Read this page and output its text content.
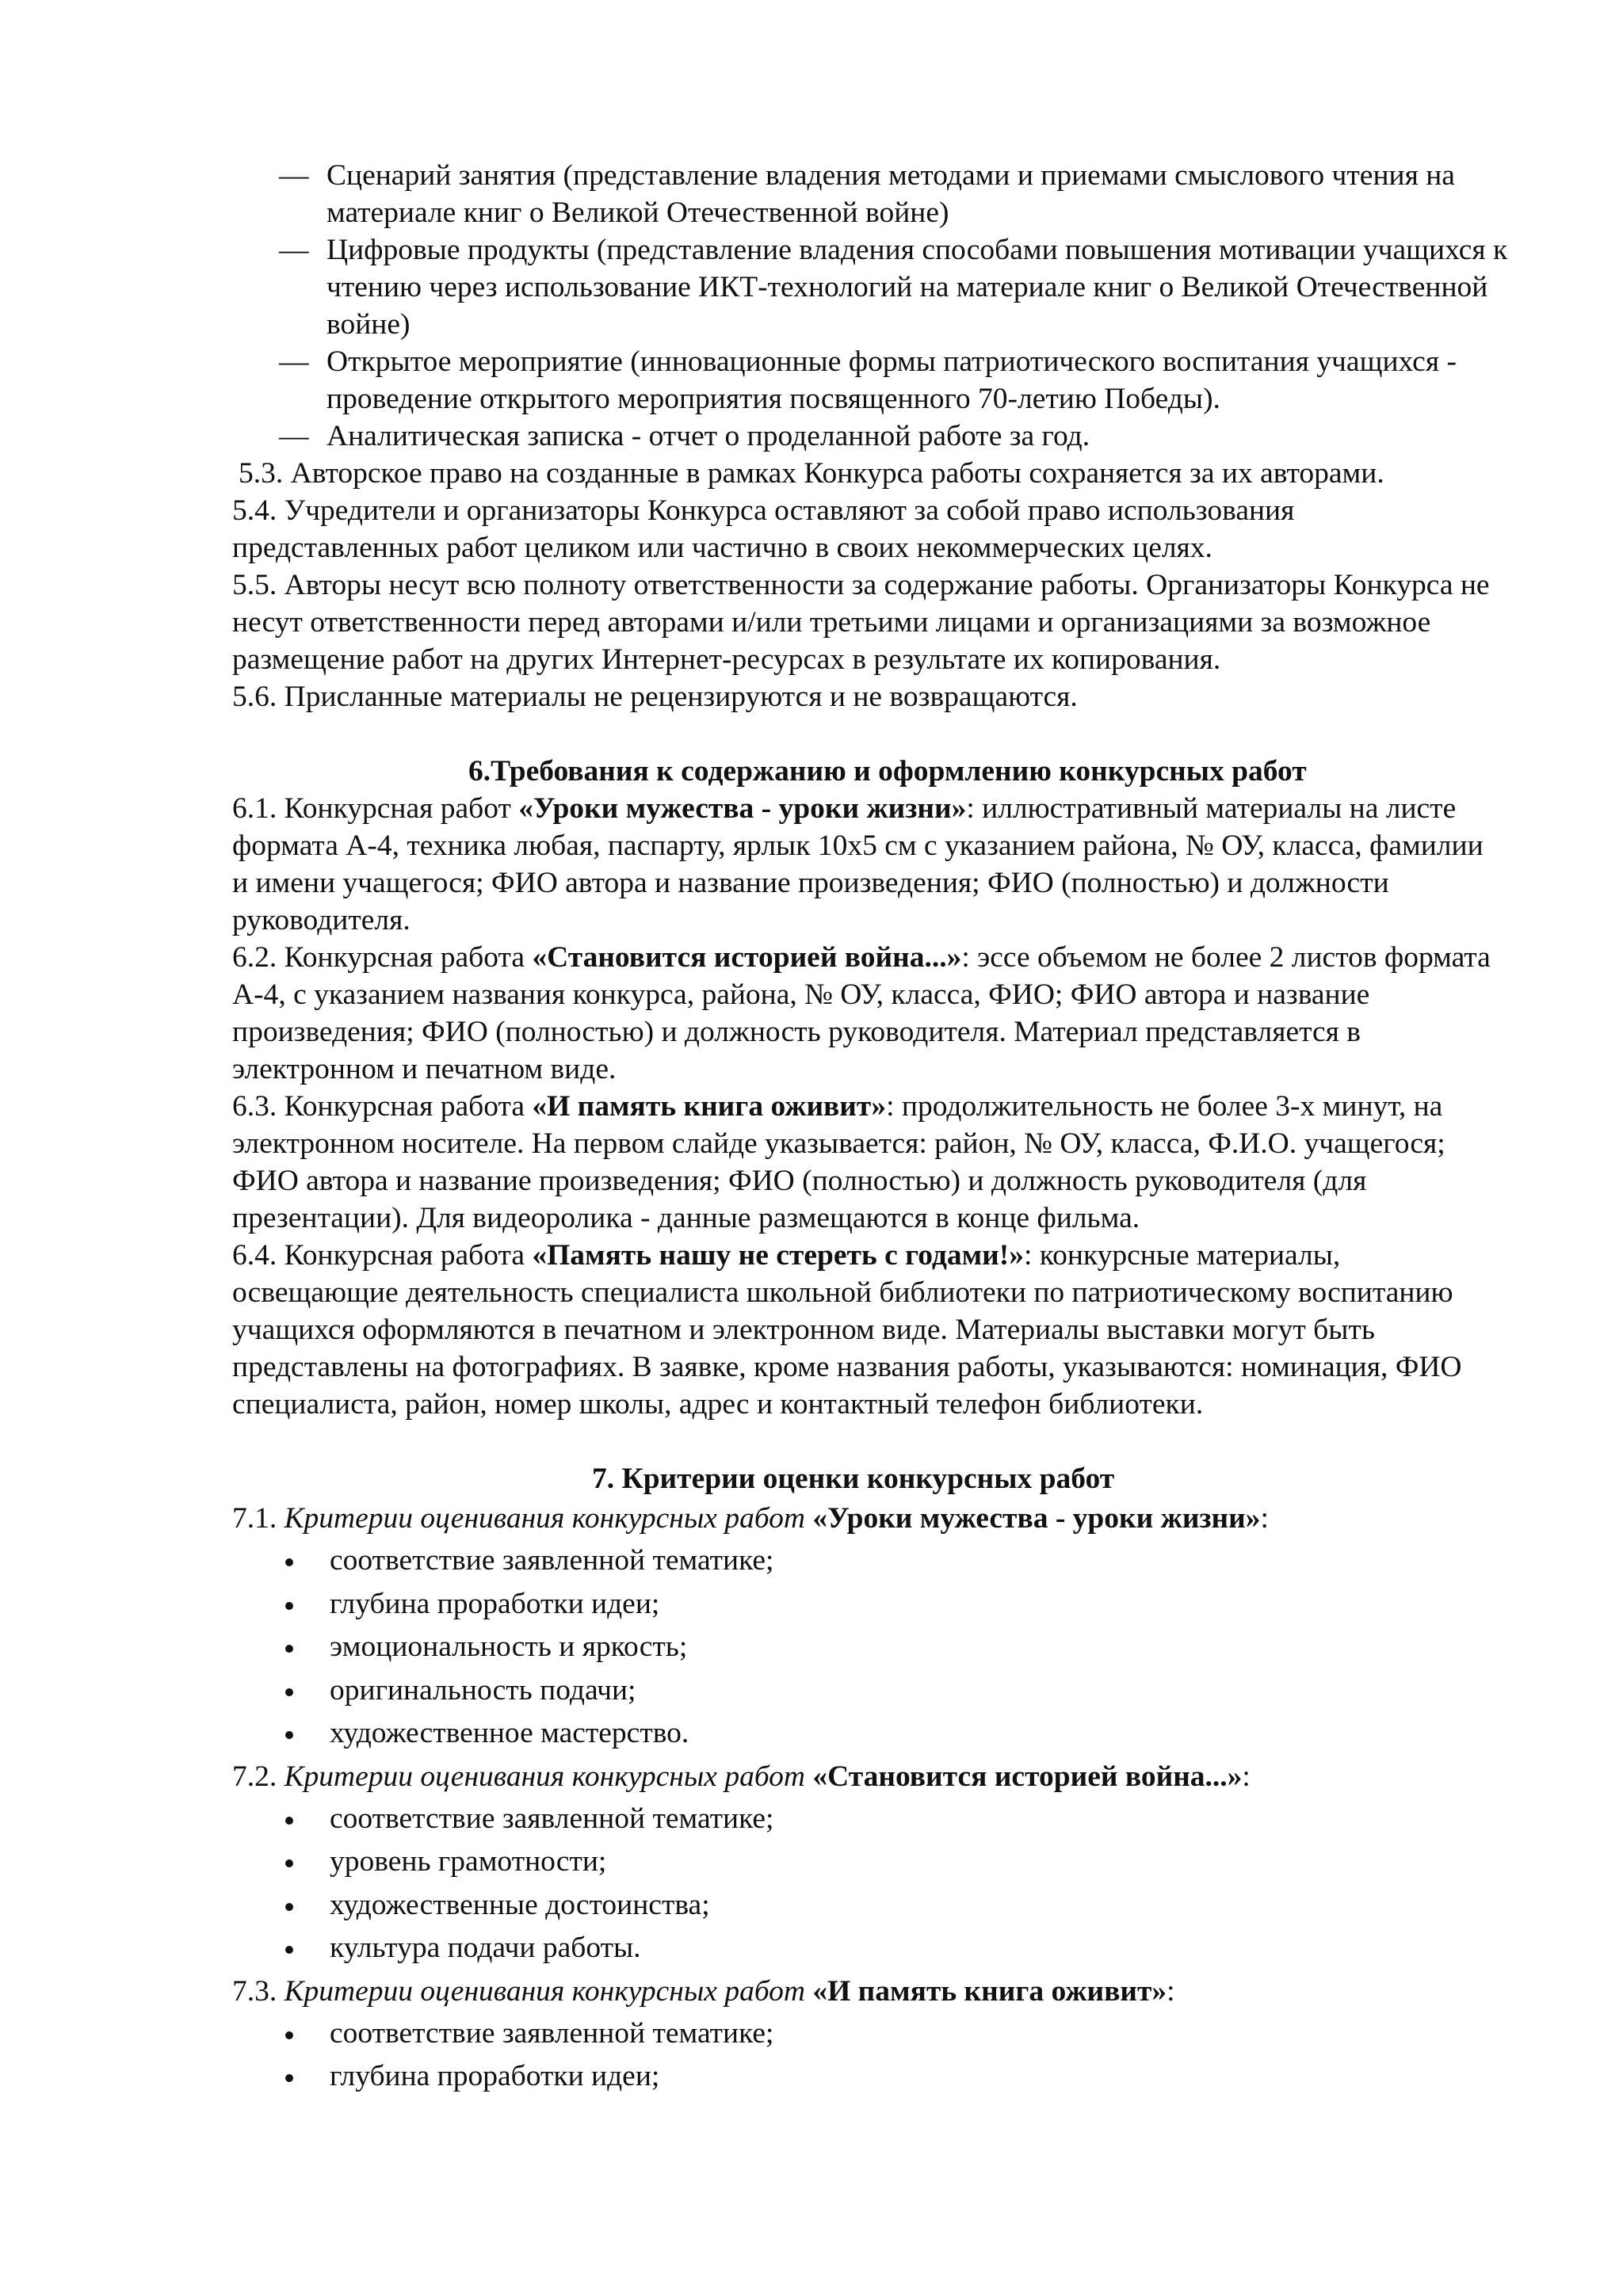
— Сценарий занятия (представление владения методами и приемами смыслового чтения на материале книг о Великой Отечественной войне)
— Цифровые продукты (представление владения способами повышения мотивации учащихся к чтению через использование ИКТ-технологий на материале книг о Великой Отечественной войне)
— Открытое мероприятие (инновационные формы патриотического воспитания учащихся - проведение открытого мероприятия посвященного 70-летию Победы).
— Аналитическая записка - отчет о проделанной работе за год.

5.3. Авторское право на созданные в рамках Конкурса работы сохраняется за их авторами.

5.4. Учредители и организаторы Конкурса оставляют за собой право использования представленных работ целиком или частично в своих некоммерческих целях.

5.5. Авторы несут всю полноту ответственности за содержание работы. Организаторы Конкурса не несут ответственности перед авторами и/или третьими лицами и организациями за возможное размещение работ на других Интернет-ресурсах в результате их копирования.

5.6. Присланные материалы не рецензируются и не возвращаются.

6.Требования к содержанию и оформлению конкурсных работ

6.1. Конкурсная работ «Уроки мужества - уроки жизни»: иллюстративный материалы на листе формата А-4, техника любая, паспарту, ярлык 10х5 см с указанием района, № ОУ, класса, фамилии и имени учащегося; ФИО автора и название произведения; ФИО (полностью) и должности руководителя.

6.2. Конкурсная работа «Становится историей война...»: эссе объемом не более 2 листов формата А-4, с указанием названия конкурса, района, № ОУ, класса, ФИО; ФИО автора и название произведения; ФИО (полностью) и должность руководителя. Материал представляется в электронном и печатном виде.

6.3. Конкурсная работа «И память книга оживит»: продолжительность не более 3-х минут, на электронном носителе. На первом слайде указывается: район, № ОУ, класса, Ф.И.О. учащегося; ФИО автора и название произведения; ФИО (полностью) и должность руководителя (для презентации). Для видеоролика - данные размещаются в конце фильма.

6.4. Конкурсная работа «Память нашу не стереть с годами!»: конкурсные материалы, освещающие деятельность специалиста школьной библиотеки по патриотическому воспитанию учащихся оформляются в печатном и электронном виде. Материалы выставки могут быть представлены на фотографиях. В заявке, кроме названия работы, указываются: номинация, ФИО специалиста, район, номер школы, адрес и контактный телефон библиотеки.

7. Критерии оценки конкурсных работ

7.1. Критерии оценивания конкурсных работ «Уроки мужества - уроки жизни»:

соответствие заявленной тематике;
глубина проработки идеи;
эмоциональность и яркость;
оригинальность подачи;
художественное мастерство.

7.2. Критерии оценивания конкурсных работ «Становится историей война...»:

соответствие заявленной тематике;
уровень грамотности;
художественные достоинства;
культура подачи работы.

7.3. Критерии оценивания конкурсных работ «И память книга оживит»:

соответствие заявленной тематике;
глубина проработки идеи;
